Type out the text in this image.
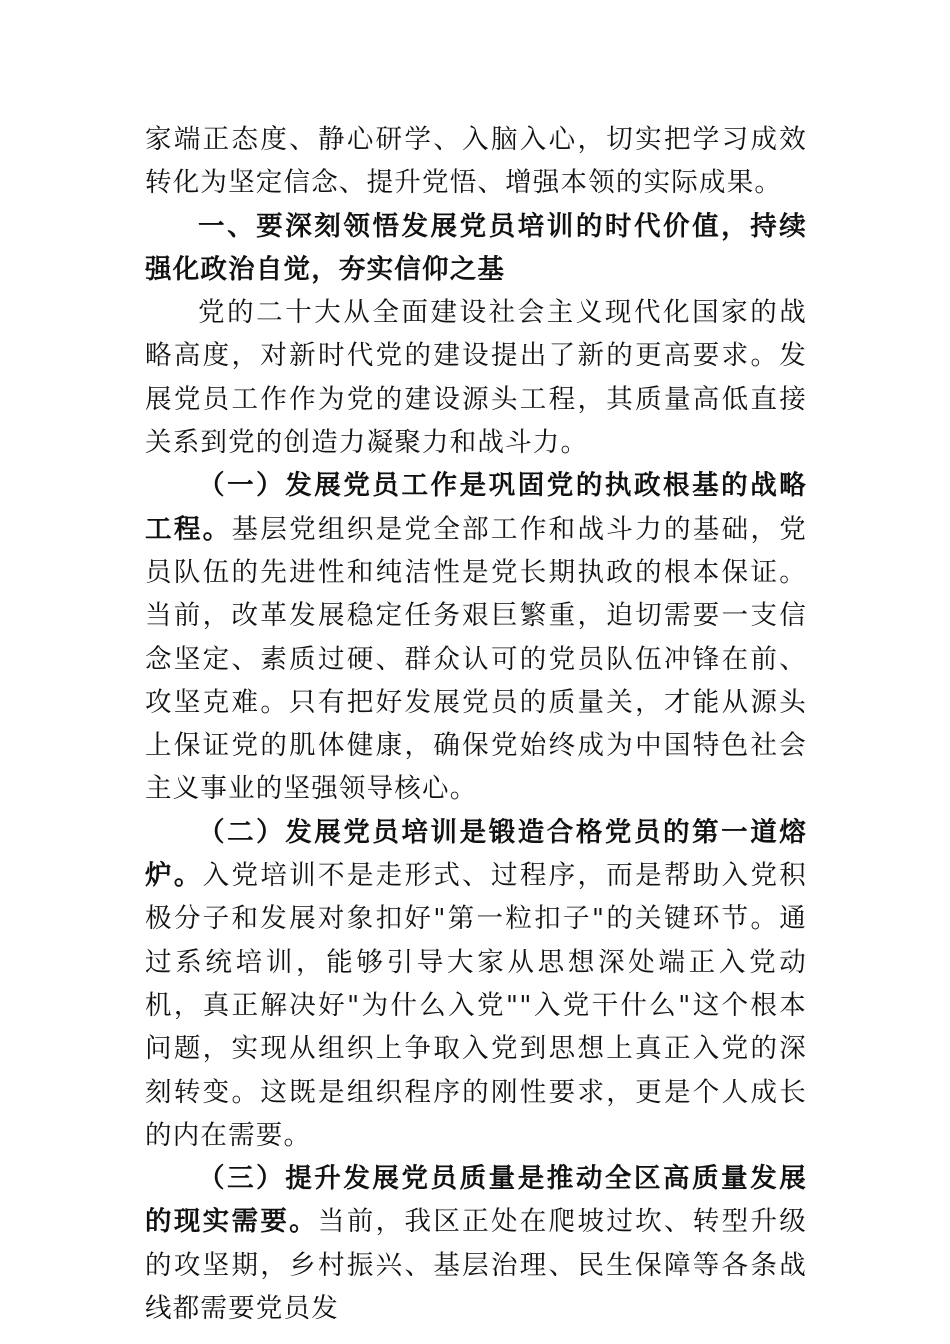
家端正态度、静心研学、入脑入心，切实把学习成效转化为坚定信念、提升党悟、增强本领的实际成果。

一、要深刻领悟发展党员培训的时代价值，持续强化政治自觉，夯实信仰之基

党的二十大从全面建设社会主义现代化国家的战略高度，对新时代党的建设提出了新的更高要求。发展党员工作作为党的建设源头工程，其质量高低直接关系到党的创造力凝聚力和战斗力。

（一）发展党员工作是巩固党的执政根基的战略工程。基层党组织是党全部工作和战斗力的基础，党员队伍的先进性和纯洁性是党长期执政的根本保证。当前，改革发展稳定任务艰巨繁重，迫切需要一支信念坚定、素质过硬、群众认可的党员队伍冲锋在前、攻坚克难。只有把好发展党员的质量关，才能从源头上保证党的肌体健康，确保党始终成为中国特色社会主义事业的坚强领导核心。

（二）发展党员培训是锻造合格党员的第一道熔炉。入党培训不是走形式、过程序，而是帮助入党积极分子和发展对象扣好"第一粒扣子"的关键环节。通过系统培训，能够引导大家从思想深处端正入党动机，真正解决好"为什么入党""入党干什么"这个根本问题，实现从组织上争取入党到思想上真正入党的深刻转变。这既是组织程序的刚性要求，更是个人成长的内在需要。

（三）提升发展党员质量是推动全区高质量发展的现实需要。当前，我区正处在爬坡过坎、转型升级的攻坚期，乡村振兴、基层治理、民生保障等各条战线都需要党员发
